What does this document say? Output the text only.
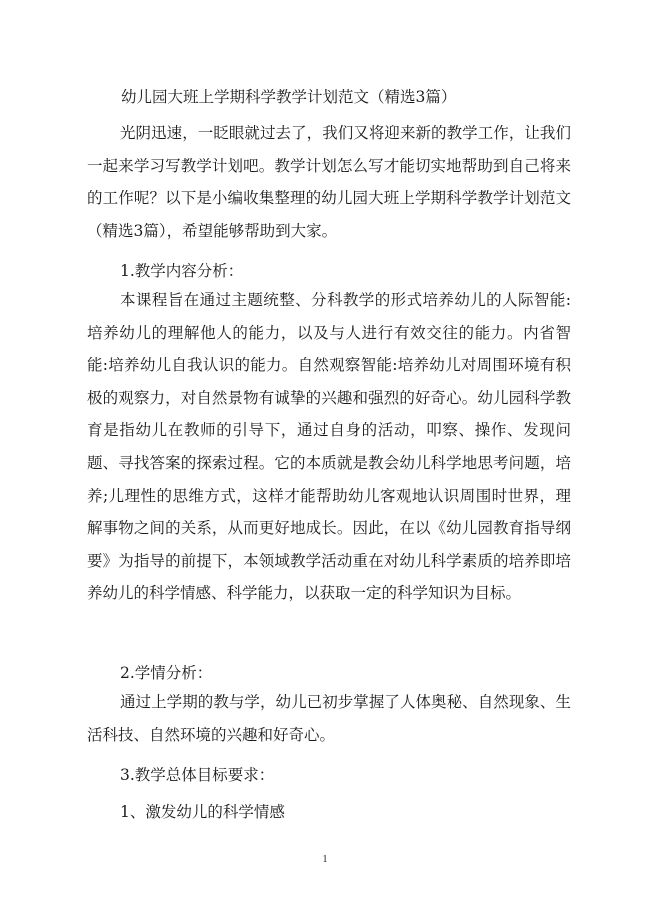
幼儿园大班上学期科学教学计划范文（精选3篇）

光阴迅速，一眨眼就过去了，我们又将迎来新的教学工作，让我们一起来学习写教学计划吧。教学计划怎么写才能切实地帮助到自己将来的工作呢？以下是小编收集整理的幼儿园大班上学期科学教学计划范文（精选3篇），希望能够帮助到大家。

1.教学内容分析：

本课程旨在通过主题统整、分科教学的形式培养幼儿的人际智能:培养幼儿的理解他人的能力，以及与人进行有效交往的能力。内省智能:培养幼儿自我认识的能力。自然观察智能:培养幼儿对周围环境有积极的观察力，对自然景物有诚挚的兴趣和强烈的好奇心。幼儿园科学教育是指幼儿在教师的引导下，通过自身的活动，叩察、操作、发现问题、寻找答案的探索过程。它的本质就是教会幼儿科学地思考问题，培养;儿理性的思维方式，这样才能帮助幼儿客观地认识周围时世界，理解事物之间的关系，从而更好地成长。因此，在以《幼儿园教育指导纲要》为指导的前提下，本领域教学活动重在对幼儿科学素质的培养即培养幼儿的科学情感、科学能力，以获取一定的科学知识为目标。

2.学情分析：

通过上学期的教与学，幼儿已初步掌握了人体奥秘、自然现象、生活科技、自然环境的兴趣和好奇心。

3.教学总体目标要求：

1、激发幼儿的科学情感

1
